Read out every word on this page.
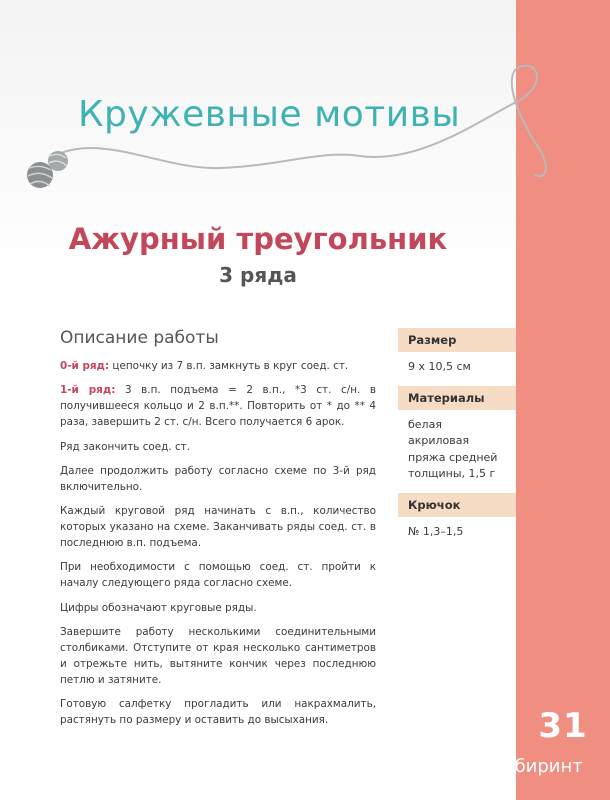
Кружевные мотивы
Ажурный треугольник
3 ряда
Описание работы

0-й ряд: цепочку из 7 в.п. замкнуть в круг соед. ст.

1-й ряд: 3 в.п. подъема = 2 в.п., *3 ст. с/н. в получившееся кольцо и 2 в.п.**. Повторить от * до ** 4 раза, завершить 2 ст. с/н. Всего получается 6 арок.

Ряд закончить соед. ст.

Далее продолжить работу согласно схеме по 3-й ряд включительно.

Каждый круговой ряд начинать с в.п., количество которых указано на схеме. Заканчивать ряды соед. ст. в последнюю в.п. подъема.

При необходимости с помощью соед. ст. пройти к началу следующего ряда согласно схеме.

Цифры обозначают круговые ряды.

Завершите работу несколькими соединительными столбиками. Отступите от края несколько сантиметров и отрежьте нить, вытяните кончик через последнюю петлю и затяните.

Готовую салфетку прогладить или накрахмалить, растянуть по размеру и оставить до высыхания.

Размер
9 х 10,5 см
Материалы
белая акриловая пряжа средней толщины, 1,5 г
Крючок
№ 1,3–1,5
31
Лабиринт
